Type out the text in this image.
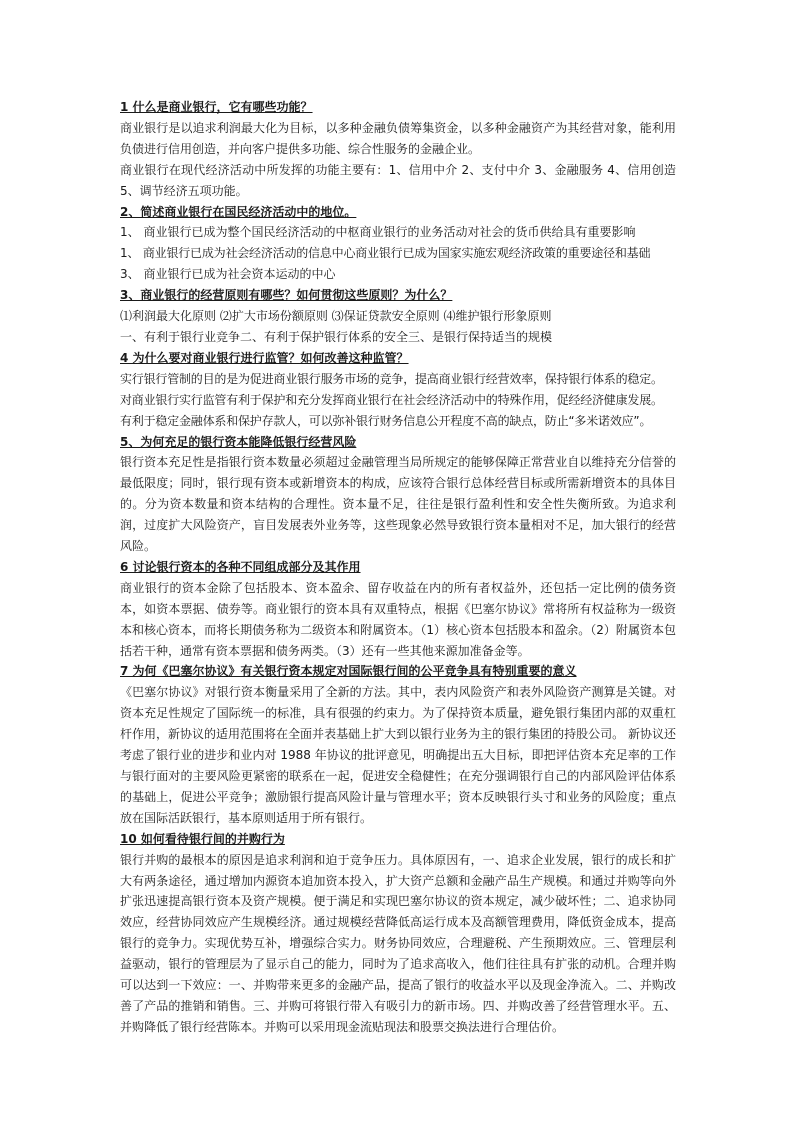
1 什么是商业银行，它有哪些功能？

商业银行是以追求利润最大化为目标，以多种金融负债筹集资金，以多种金融资产为其经营对象，能利用负债进行信用创造，并向客户提供多功能、综合性服务的金融企业。

商业银行在现代经济活动中所发挥的功能主要有：1、信用中介 2、支付中介 3、金融服务 4、信用创造 5、调节经济五项功能。

2、简述商业银行在国民经济活动中的地位。

1、 商业银行已成为整个国民经济活动的中枢商业银行的业务活动对社会的货币供给具有重要影响

1、 商业银行已成为社会经济活动的信息中心商业银行已成为国家实施宏观经济政策的重要途径和基础

3、 商业银行已成为社会资本运动的中心

3、商业银行的经营原则有哪些？如何贯彻这些原则？为什么？

⑴利润最大化原则 ⑵扩大市场份额原则 ⑶保证贷款安全原则 ⑷维护银行形象原则

一、有利于银行业竞争二、有利于保护银行体系的安全三、是银行保持适当的规模

4 为什么要对商业银行进行监管？如何改善这种监管？

实行银行管制的目的是为促进商业银行服务市场的竞争，提高商业银行经营效率，保持银行体系的稳定。

对商业银行实行监管有利于保护和充分发挥商业银行在社会经济活动中的特殊作用，促经经济健康发展。

有利于稳定金融体系和保护存款人，可以弥补银行财务信息公开程度不高的缺点，防止“多米诺效应”。

5、为何充足的银行资本能降低银行经营风险

银行资本充足性是指银行资本数量必须超过金融管理当局所规定的能够保障正常营业自以维持充分信誉的最低限度；同时，银行现有资本或新增资本的构成，应该符合银行总体经营目标或所需新增资本的具体目的。分为资本数量和资本结构的合理性。资本量不足，往往是银行盈利性和安全性失衡所致。为追求利润，过度扩大风险资产，盲目发展表外业务等，这些现象必然导致银行资本量相对不足，加大银行的经营风险。

6 讨论银行资本的各种不同组成部分及其作用

商业银行的资本金除了包括股本、资本盈余、留存收益在内的所有者权益外，还包括一定比例的债务资本，如资本票据、债券等。商业银行的资本具有双重特点，根据《巴塞尔协议》常将所有权益称为一级资本和核心资本，而将长期债务称为二级资本和附属资本。（1）核心资本包括股本和盈余。（2）附属资本包括若干种，通常有资本票据和债务两类。（3）还有一些其他来源加准备金等。

7 为何《巴塞尔协议》有关银行资本规定对国际银行间的公平竞争具有特别重要的意义

《巴塞尔协议》对银行资本衡量采用了全新的方法。其中，表内风险资产和表外风险资产测算是关键。对资本充足性规定了国际统一的标准，具有很强的约束力。为了保持资本质量，避免银行集团内部的双重杠杆作用，新协议的适用范围将在全面并表基础上扩大到以银行业务为主的银行集团的持股公司。 新协议还考虑了银行业的进步和业内对 1988 年协议的批评意见，明确提出五大目标，即把评估资本充足率的工作与银行面对的主要风险更紧密的联系在一起，促进安全稳健性；在充分强调银行自己的内部风险评估体系的基础上，促进公平竞争；激励银行提高风险计量与管理水平；资本反映银行头寸和业务的风险度；重点放在国际活跃银行，基本原则适用于所有银行。

10 如何看待银行间的并购行为

银行并购的最根本的原因是追求利润和迫于竞争压力。具体原因有，一、追求企业发展，银行的成长和扩大有两条途径，通过增加内源资本追加资本投入，扩大资产总额和金融产品生产规模。和通过并购等向外扩张迅速提高银行资本及资产规模。便于满足和实现巴塞尔协议的资本规定，减少破坏性；二、追求协同效应，经营协同效应产生规模经济。通过规模经营降低高运行成本及高额管理费用，降低资金成本，提高银行的竞争力。实现优势互补，增强综合实力。财务协同效应，合理避税、产生预期效应。三、管理层利益驱动，银行的管理层为了显示自己的能力，同时为了追求高收入，他们往往具有扩张的动机。合理并购可以达到一下效应：一、并购带来更多的金融产品，提高了银行的收益水平以及现金净流入。二、并购改善了产品的推销和销售。三、并购可将银行带入有吸引力的新市场。四、并购改善了经营管理水平。五、并购降低了银行经营陈本。并购可以采用现金流贴现法和股票交换法进行合理估价。
